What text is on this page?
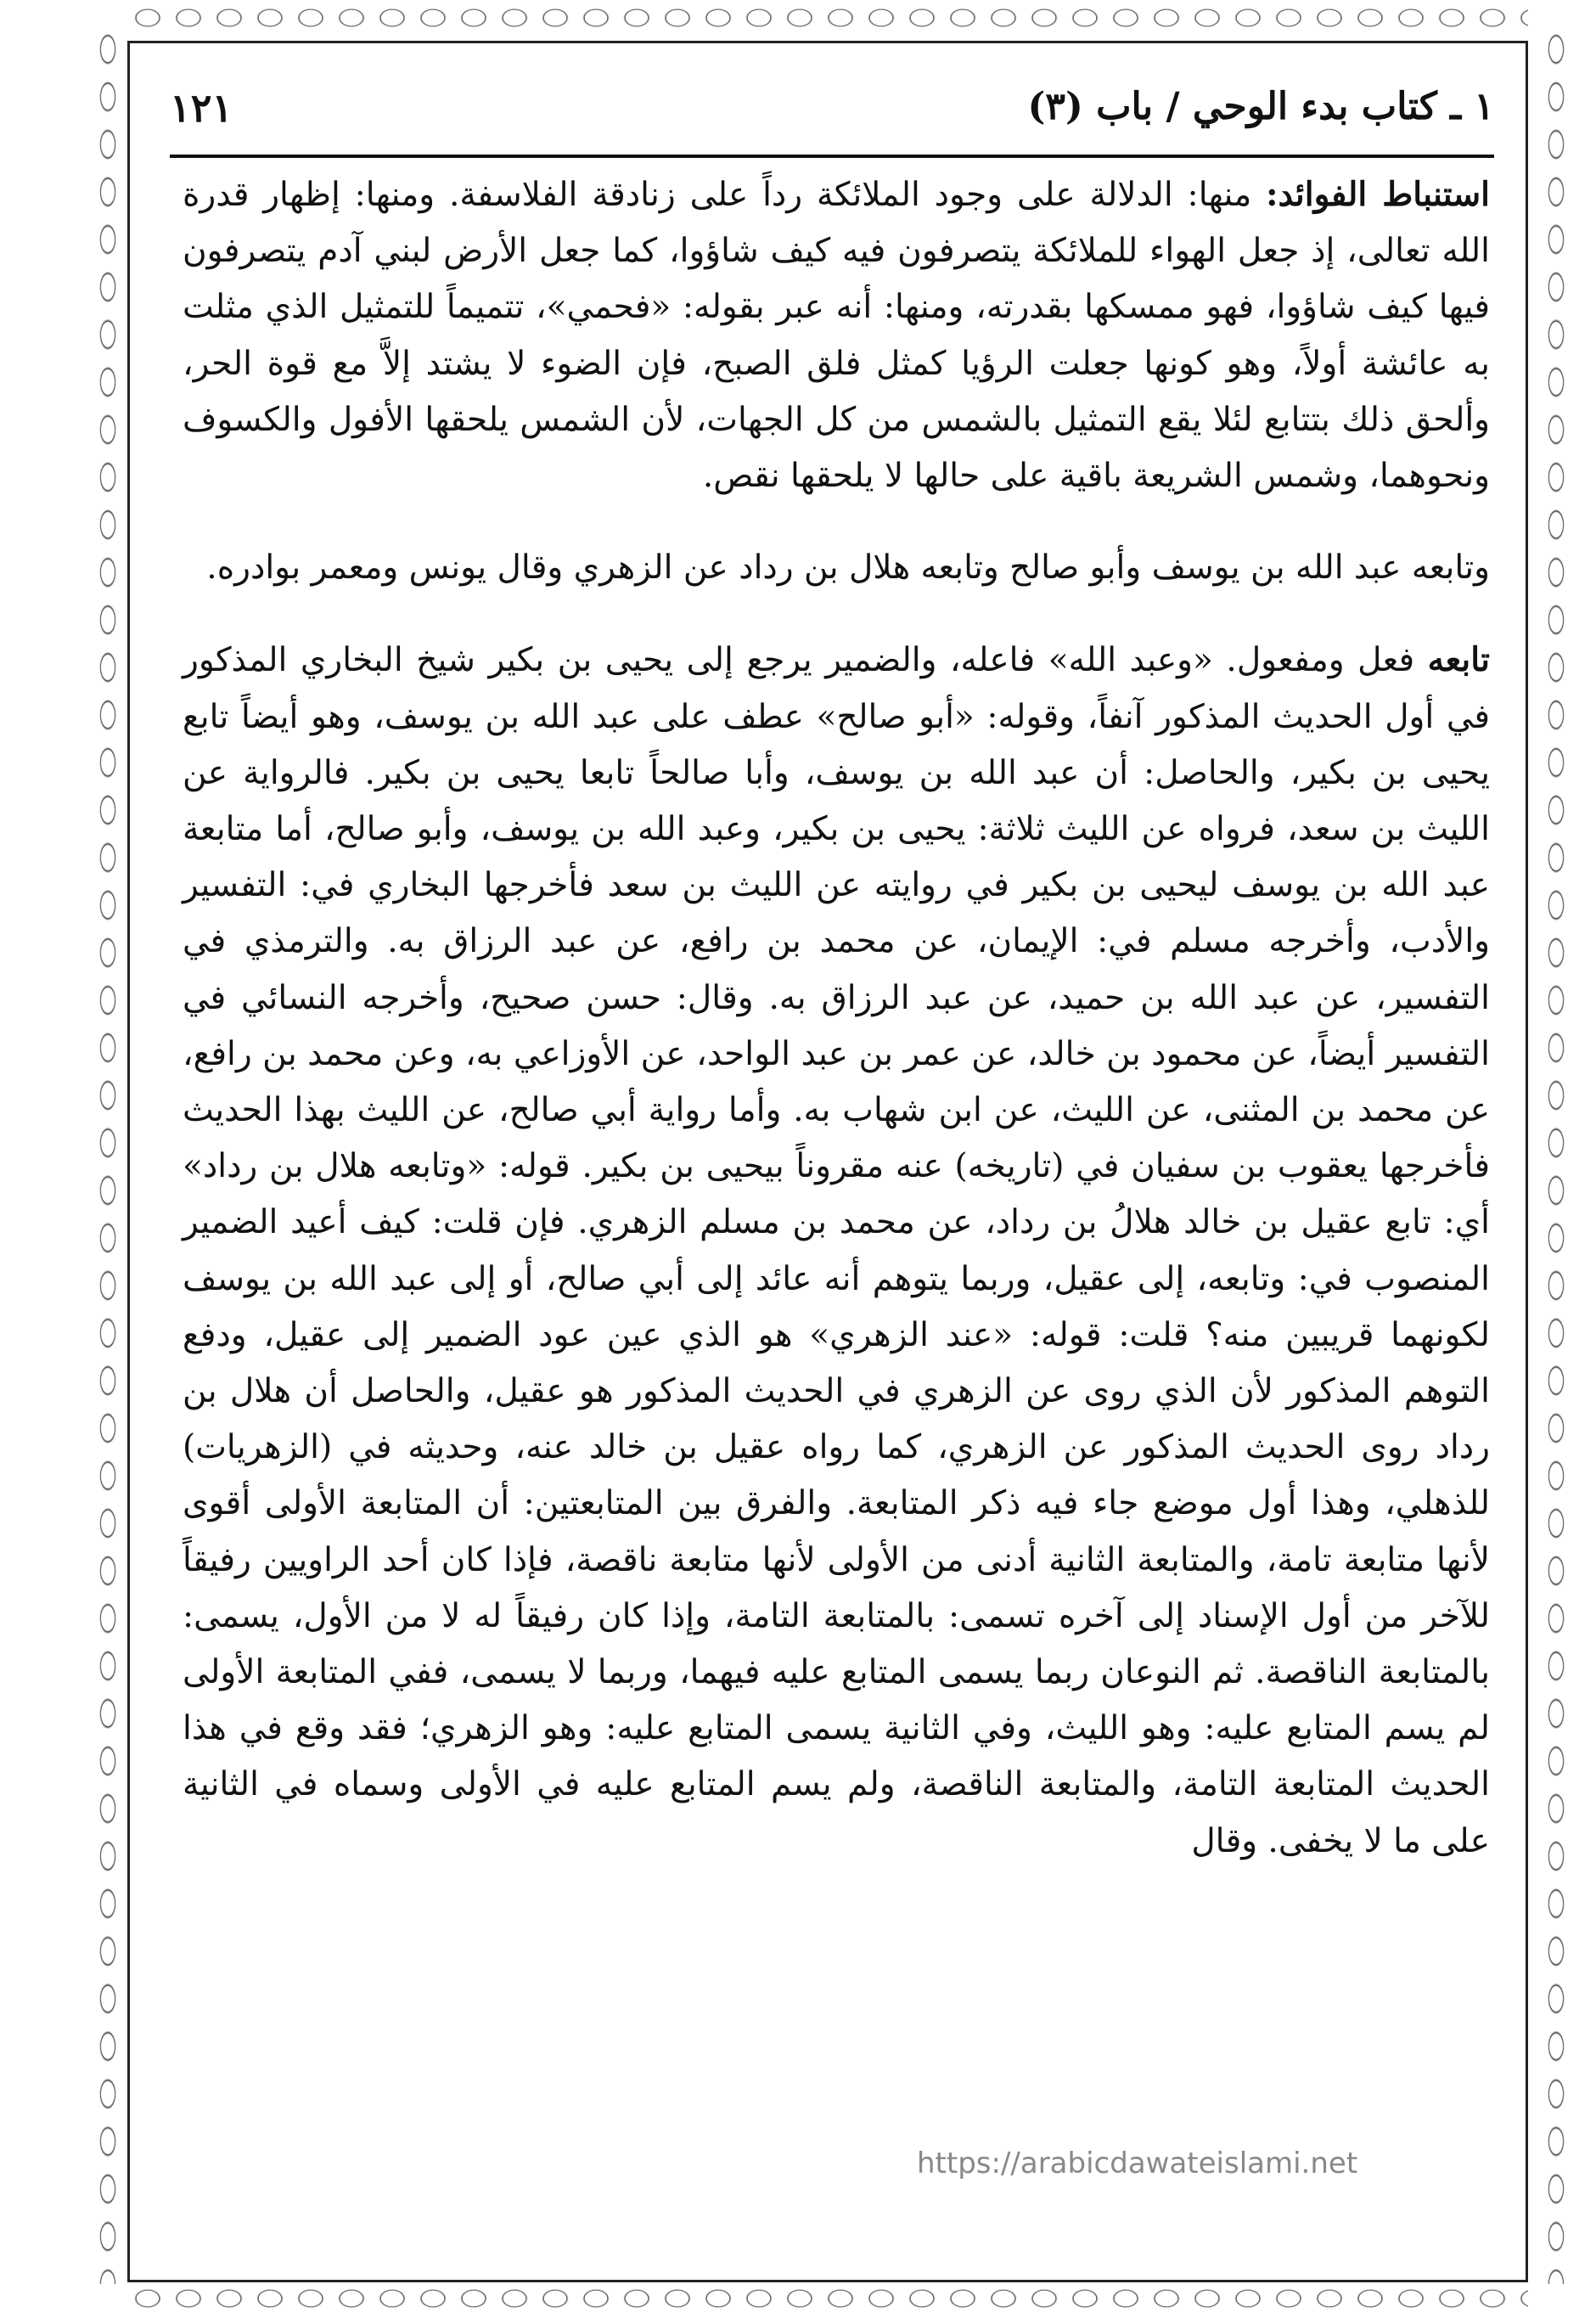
١ ـ كتاب بدء الوحي / باب (٣)
١٢١

استنباط الفوائد: منها: الدلالة على وجود الملائكة رداً على زنادقة الفلاسفة. ومنها: إظهار قدرة الله تعالى، إذ جعل الهواء للملائكة يتصرفون فيه كيف شاؤوا، كما جعل الأرض لبني آدم يتصرفون فيها كيف شاؤوا، فهو ممسكها بقدرته، ومنها: أنه عبر بقوله: «فحمي»، تتميماً للتمثيل الذي مثلت به عائشة أولاً، وهو كونها جعلت الرؤيا كمثل فلق الصبح، فإن الضوء لا يشتد إلاَّ مع قوة الحر، وألحق ذلك بتتابع لئلا يقع التمثيل بالشمس من كل الجهات، لأن الشمس يلحقها الأفول والكسوف ونحوهما، وشمس الشريعة باقية على حالها لا يلحقها نقص.

وتابعه عبد الله بن يوسف وأبو صالح وتابعه هلال بن رداد عن الزهري وقال يونس ومعمر بوادره.

تابعه فعل ومفعول. «وعبد الله» فاعله، والضمير يرجع إلى يحيى بن بكير شيخ البخاري المذكور في أول الحديث المذكور آنفاً، وقوله: «أبو صالح» عطف على عبد الله بن يوسف، وهو أيضاً تابع يحيى بن بكير، والحاصل: أن عبد الله بن يوسف، وأبا صالحاً تابعا يحيى بن بكير. فالرواية عن الليث بن سعد، فرواه عن الليث ثلاثة: يحيى بن بكير، وعبد الله بن يوسف، وأبو صالح، أما متابعة عبد الله بن يوسف ليحيى بن بكير في روايته عن الليث بن سعد فأخرجها البخاري في: التفسير والأدب، وأخرجه مسلم في: الإيمان، عن محمد بن رافع، عن عبد الرزاق به. والترمذي في التفسير، عن عبد الله بن حميد، عن عبد الرزاق به. وقال: حسن صحيح، وأخرجه النسائي في التفسير أيضاً، عن محمود بن خالد، عن عمر بن عبد الواحد، عن الأوزاعي به، وعن محمد بن رافع، عن محمد بن المثنى، عن الليث، عن ابن شهاب به. وأما رواية أبي صالح، عن الليث بهذا الحديث فأخرجها يعقوب بن سفيان في (تاريخه) عنه مقروناً بيحيى بن بكير. قوله: «وتابعه هلال بن رداد» أي: تابع عقيل بن خالد هلالُ بن رداد، عن محمد بن مسلم الزهري. فإن قلت: كيف أعيد الضمير المنصوب في: وتابعه، إلى عقيل، وربما يتوهم أنه عائد إلى أبي صالح، أو إلى عبد الله بن يوسف لكونهما قريبين منه؟ قلت: قوله: «عند الزهري» هو الذي عين عود الضمير إلى عقيل، ودفع التوهم المذكور لأن الذي روى عن الزهري في الحديث المذكور هو عقيل، والحاصل أن هلال بن رداد روى الحديث المذكور عن الزهري، كما رواه عقيل بن خالد عنه، وحديثه في (الزهريات) للذهلي، وهذا أول موضع جاء فيه ذكر المتابعة. والفرق بين المتابعتين: أن المتابعة الأولى أقوى لأنها متابعة تامة، والمتابعة الثانية أدنى من الأولى لأنها متابعة ناقصة، فإذا كان أحد الراويين رفيقاً للآخر من أول الإسناد إلى آخره تسمى: بالمتابعة التامة، وإذا كان رفيقاً له لا من الأول، يسمى: بالمتابعة الناقصة. ثم النوعان ربما يسمى المتابع عليه فيهما، وربما لا يسمى، ففي المتابعة الأولى لم يسم المتابع عليه: وهو الليث، وفي الثانية يسمى المتابع عليه: وهو الزهري؛ فقد وقع في هذا الحديث المتابعة التامة، والمتابعة الناقصة، ولم يسم المتابع عليه في الأولى وسماه في الثانية على ما لا يخفى. وقال

https://arabicdawateislami.net
